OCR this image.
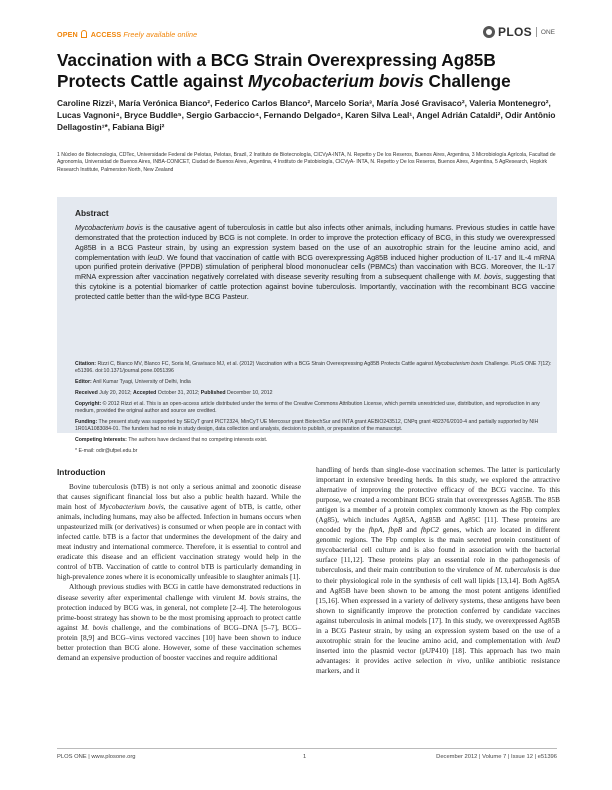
OPEN ACCESS Freely available online	PLOS ONE
Vaccination with a BCG Strain Overexpressing Ag85B
Protects Cattle against Mycobacterium bovis Challenge
Caroline Rizzi¹, María Verónica Bianco², Federico Carlos Blanco², Marcelo Soria³, María José Gravisaco², Valeria Montenegro², Lucas Vagnoni⁴, Bryce Buddle⁵, Sergio Garbaccio⁴, Fernando Delgado⁴, Karen Silva Leal¹, Angel Adrián Cataldi², Odir Antônio Dellagostin¹*, Fabiana Bigi²
1 Núcleo de Biotecnologia, CDTec, Universidade Federal de Pelotas, Pelotas, Brazil, 2 Instituto de Biotecnología, CICVyA-INTA, N. Repetto y De los Reseros, Buenos Aires, Argentina, 3 Microbiología Agrícola, Facultad de Agronomía, Universidad de Buenos Aires, INBA-CONICET, Ciudad de Buenos Aires, Argentina, 4 Instituto de Patobiología, CICVyA- INTA, N. Repetto y De los Reseros, Buenos Aires, Argentina, 5 AgResearch, Hopkirk Research Institute, Palmerston North, New Zealand
Abstract
Mycobacterium bovis is the causative agent of tuberculosis in cattle but also infects other animals, including humans. Previous studies in cattle have demonstrated that the protection induced by BCG is not complete. In order to improve the protection efficacy of BCG, in this study we overexpressed Ag85B in a BCG Pasteur strain, by using an expression system based on the use of an auxotrophic strain for the leucine amino acid, and complementation with leuD. We found that vaccination of cattle with BCG overexpressing Ag85B induced higher production of IL-17 and IL-4 mRNA upon purified protein derivative (PPDB) stimulation of peripheral blood mononuclear cells (PBMCs) than vaccination with BCG. Moreover, the IL-17 mRNA expression after vaccination negatively correlated with disease severity resulting from a subsequent challenge with M. bovis, suggesting that this cytokine is a potential biomarker of cattle protection against bovine tuberculosis. Importantly, vaccination with the recombinant BCG vaccine protected cattle better than the wild-type BCG Pasteur.

Citation: Rizzi C, Bianco MV, Blanco FC, Soria M, Gravisaco MJ, et al. (2012) Vaccination with a BCG Strain Overexpressing Ag85B Protects Cattle against Mycobacterium bovis Challenge. PLoS ONE 7(12): e51396. doi:10.1371/journal.pone.0051396

Editor: Anil Kumar Tyagi, University of Delhi, India

Received July 20, 2012; Accepted October 31, 2012; Published December 10, 2012

Copyright: © 2012 Rizzi et al. This is an open-access article distributed under the terms of the Creative Commons Attribution License, which permits unrestricted use, distribution, and reproduction in any medium, provided the original author and source are credited.

Funding: The present study was supported by SECyT grant PICT2324, MinCyT UE Mercosur grant BiotechSur and INTA grant AEBIO243512, CNPq grant 482376/2010-4 and partially supported by NIH 1R01A1083084-01. The funders had no role in study design, data collection and analysis, decision to publish, or preparation of the manuscript.

Competing Interests: The authors have declared that no competing interests exist.

* E-mail: odir@ufpel.edu.br

Introduction

Bovine tuberculosis (bTB) is not only a serious animal and zoonotic disease that causes significant financial loss but also a public health hazard. While the main host of Mycobacterium bovis, the causative agent of bTB, is cattle, other animals, including humans, may also be affected. Infection in humans occurs when unpasteurized milk (or derivatives) is consumed or when people are in contact with infected cattle. bTB is a factor that undermines the development of the dairy and meat industry and international commerce. Therefore, it is essential to control and eradicate this disease and an efficient vaccination strategy would help in the control of bTB. Vaccination of cattle to control bTB is particularly demanding in high-prevalence zones where it is economically unfeasible to slaughter animals [1].

Although previous studies with BCG in cattle have demonstrated reductions in disease severity after experimental challenge with virulent M. bovis strains, the protection induced by BCG was, in general, not complete [2–4]. The heterologous prime-boost strategy has shown to be the most promising approach to protect cattle against M. bovis challenge, and the combinations of BCG–DNA [5–7], BCG–protein [8,9] and BCG–virus vectored vaccines [10] have been shown to induce better protection than BCG alone. However, some of these vaccination schemes demand an expensive production of booster vaccines and require additional

handling of herds than single-dose vaccination schemes. The latter is particularly important in extensive breeding herds. In this study, we explored the attractive alternative of improving the protective efficacy of the BCG vaccine. To this purpose, we created a recombinant BCG strain that overexpresses Ag85B. The 85B antigen is a member of a protein complex commonly known as the Fbp complex (Ag85), which includes Ag85A, Ag85B and Ag85C [11]. These proteins are encoded by the fbpA, fbpB and fbpC2 genes, which are located in different genomic regions. The Fbp complex is the main secreted protein constituent of mycobacterial cell culture and is also found in association with the bacterial surface [11,12]. These proteins play an essential role in the pathogenesis of tuberculosis, and their main contribution to the virulence of M. tuberculosis is due to their physiological role in the synthesis of cell wall lipids [13,14]. Both Ag85A and Ag85B have been shown to be among the most potent antigens identified [15,16]. When expressed in a variety of delivery systems, these antigens have been shown to significantly improve the protection conferred by candidate vaccines against tuberculosis in animal models [17]. In this study, we overexpressed Ag85B in a BCG Pasteur strain, by using an expression system based on the use of a auxotrophic strain for the leucine amino acid, and complementation with leuD inserted into the plasmid vector (pUP410) [18]. This approach has two main advantages: it provides active selection in vivo, unlike antibiotic resistance markers, and it

PLOS ONE | www.plosone.org	1	December 2012 | Volume 7 | Issue 12 | e51396
